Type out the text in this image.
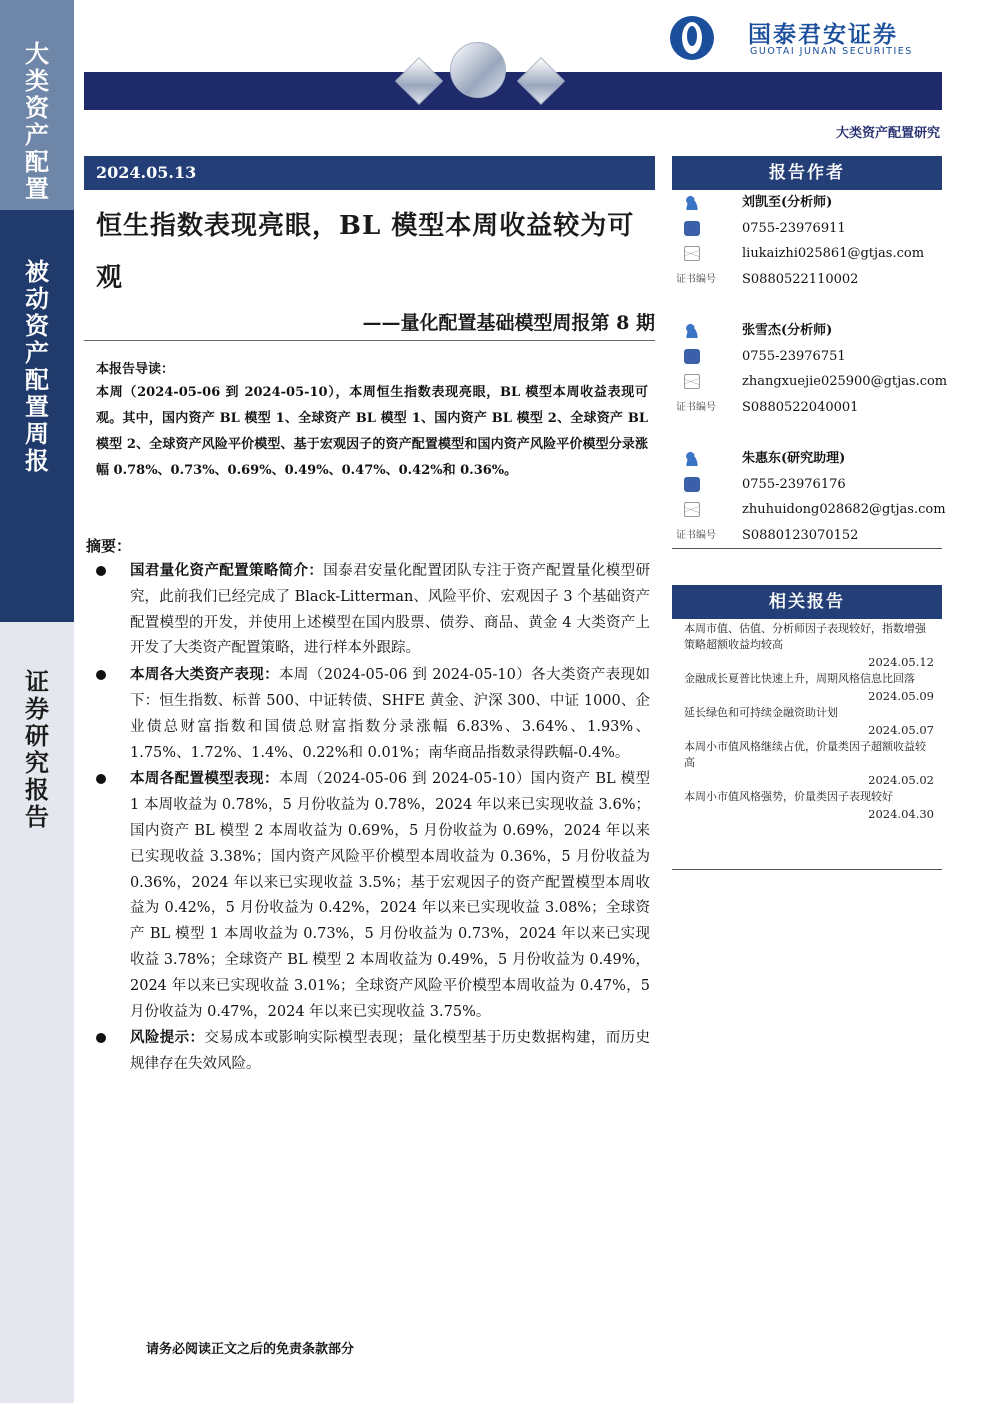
大类资产配置
被动资产配置周报
证券研究报告
国泰君安证券
GUOTAI JUNAN SECURITIES
大类资产配置研究
2024.05.13
恒生指数表现亮眼，BL 模型本周收益较为可观
——量化配置基础模型周报第 8 期
本报告导读：

本周（2024-05-06 到 2024-05-10），本周恒生指数表现亮眼，BL 模型本周收益表现可观。其中，国内资产 BL 模型 1、全球资产 BL 模型 1、国内资产 BL 模型 2、全球资产 BL 模型 2、全球资产风险平价模型、基于宏观因子的资产配置模型和国内资产风险平价模型分录涨幅 0.78%、0.73%、0.69%、0.49%、0.47%、0.42%和 0.36%。

摘要：
国君量化资产配置策略简介：国泰君安量化配置团队专注于资产配置量化模型研究，此前我们已经完成了 Black-Litterman、风险平价、宏观因子 3 个基础资产配置模型的开发，并使用上述模型在国内股票、债券、商品、黄金 4 大类资产上开发了大类资产配置策略，进行样本外跟踪。
本周各大类资产表现：本周（2024-05-06 到 2024-05-10）各大类资产表现如下：恒生指数、标普 500、中证转债、SHFE 黄金、沪深 300、中证 1000、企业债总财富指数和国债总财富指数分录涨幅 6.83%、3.64%、1.93%、1.75%、1.72%、1.4%、0.22%和 0.01%；南华商品指数录得跌幅-0.4%。
本周各配置模型表现：本周（2024-05-06 到 2024-05-10）国内资产 BL 模型 1 本周收益为 0.78%，5 月份收益为 0.78%，2024 年以来已实现收益 3.6%；国内资产 BL 模型 2 本周收益为 0.69%，5 月份收益为 0.69%，2024 年以来已实现收益 3.38%；国内资产风险平价模型本周收益为 0.36%，5 月份收益为 0.36%，2024 年以来已实现收益 3.5%；基于宏观因子的资产配置模型本周收益为 0.42%，5 月份收益为 0.42%，2024 年以来已实现收益 3.08%；全球资产 BL 模型 1 本周收益为 0.73%，5 月份收益为 0.73%，2024 年以来已实现收益 3.78%；全球资产 BL 模型 2 本周收益为 0.49%，5 月份收益为 0.49%，2024 年以来已实现收益 3.01%；全球资产风险平价模型本周收益为 0.47%，5 月份收益为 0.47%，2024 年以来已实现收益 3.75%。
风险提示：交易成本或影响实际模型表现；量化模型基于历史数据构建，而历史规律存在失效风险。
请务必阅读正文之后的免责条款部分
报告作者
刘凯至(分析师)
0755-23976911
liukaizhi025861@gtjas.com
证书编号 S0880522110002
张雪杰(分析师)
0755-23976751
zhangxuejie025900@gtjas.com
证书编号 S0880522040001
朱惠东(研究助理)
0755-23976176
zhuhuidong028682@gtjas.com
证书编号 S0880123070152
相关报告
本周市值、估值、分析师因子表现较好，指数增强策略超额收益均较高
2024.05.12
金融成长夏普比快速上升，周期风格信息比回落
2024.05.09
延长绿色和可持续金融资助计划
2024.05.07
本周小市值风格继续占优，价量类因子超额收益较高
2024.05.02
本周小市值风格强势，价量类因子表现较好
2024.04.30
